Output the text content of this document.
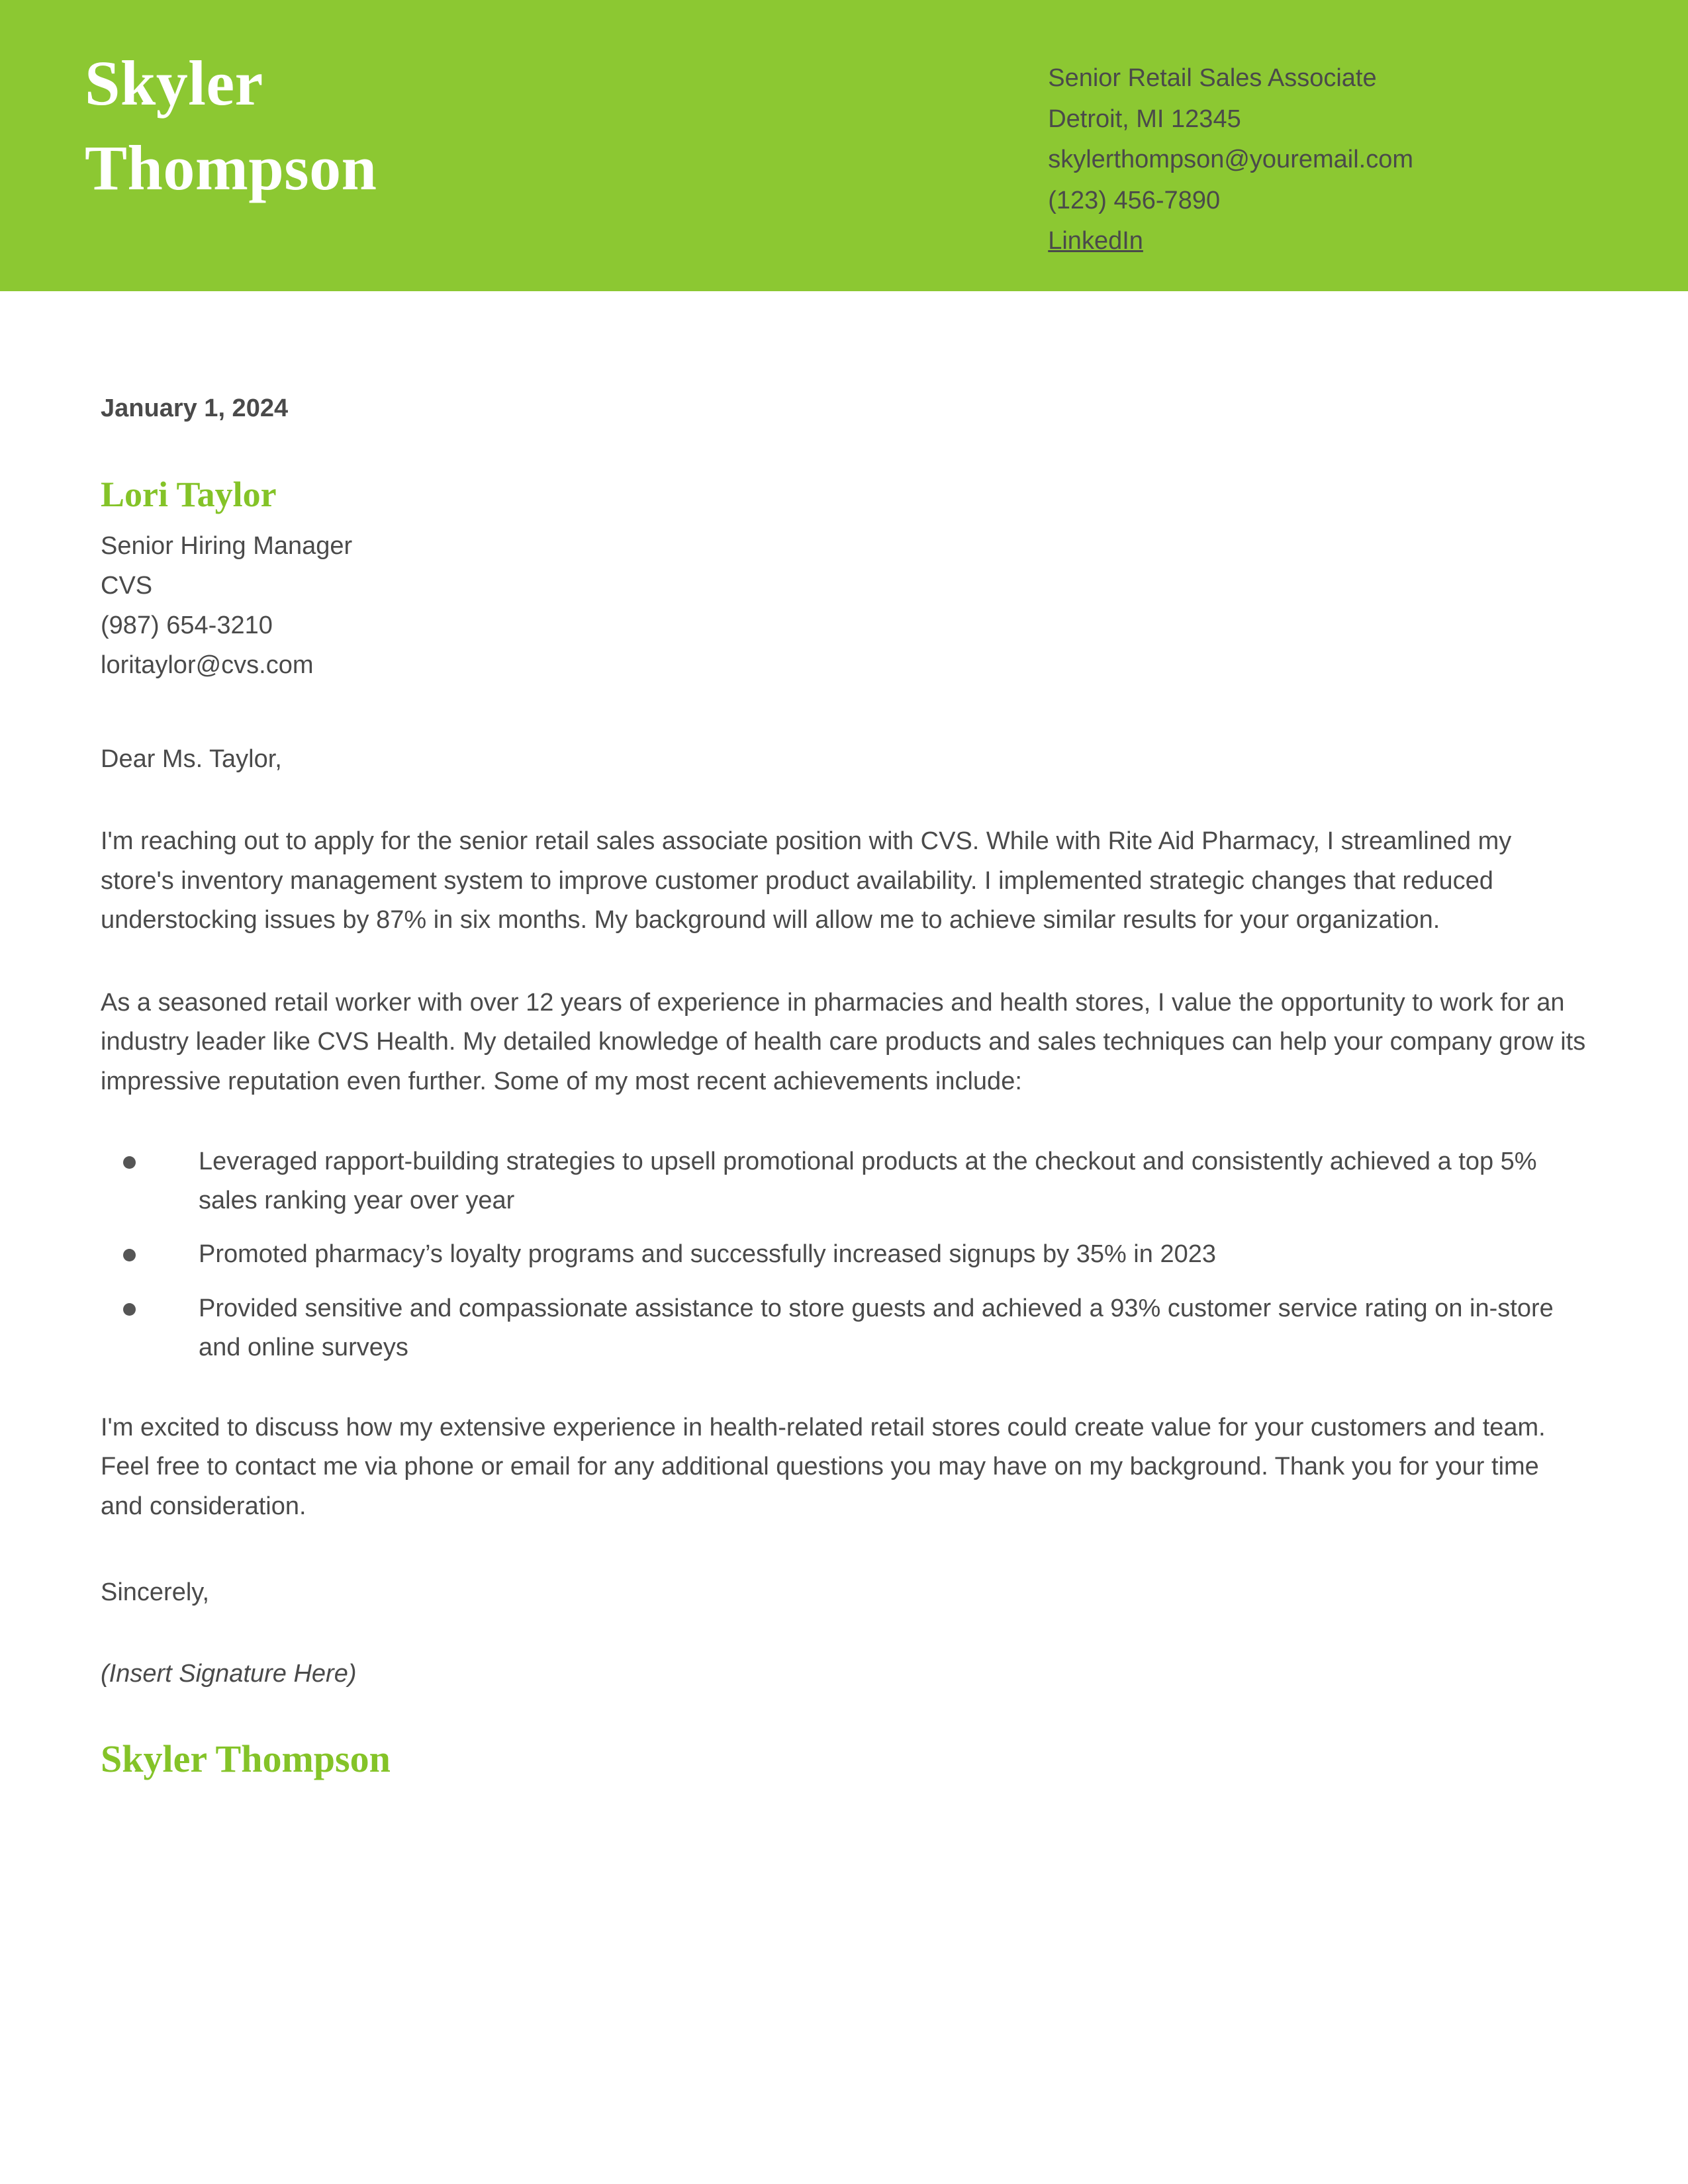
Skyler
Thompson
Senior Retail Sales Associate
Detroit, MI 12345
skylerthompson@youremail.com
(123) 456-7890
LinkedIn
January 1, 2024
Lori Taylor
Senior Hiring Manager
CVS
(987) 654-3210
loritaylor@cvs.com
Dear Ms. Taylor,

I'm reaching out to apply for the senior retail sales associate position with CVS. While with Rite Aid Pharmacy, I streamlined my store's inventory management system to improve customer product availability. I implemented strategic changes that reduced understocking issues by 87% in six months. My background will allow me to achieve similar results for your organization.

As a seasoned retail worker with over 12 years of experience in pharmacies and health stores, I value the opportunity to work for an industry leader like CVS Health. My detailed knowledge of health care products and sales techniques can help your company grow its impressive reputation even further. Some of my most recent achievements include:

Leveraged rapport-building strategies to upsell promotional products at the checkout and consistently achieved a top 5% sales ranking year over year
Promoted pharmacy’s loyalty programs and successfully increased signups by 35% in 2023
Provided sensitive and compassionate assistance to store guests and achieved a 93% customer service rating on in-store and online surveys

I'm excited to discuss how my extensive experience in health-related retail stores could create value for your customers and team. Feel free to contact me via phone or email for any additional questions you may have on my background. Thank you for your time and consideration.

Sincerely,
(Insert Signature Here)
Skyler Thompson
